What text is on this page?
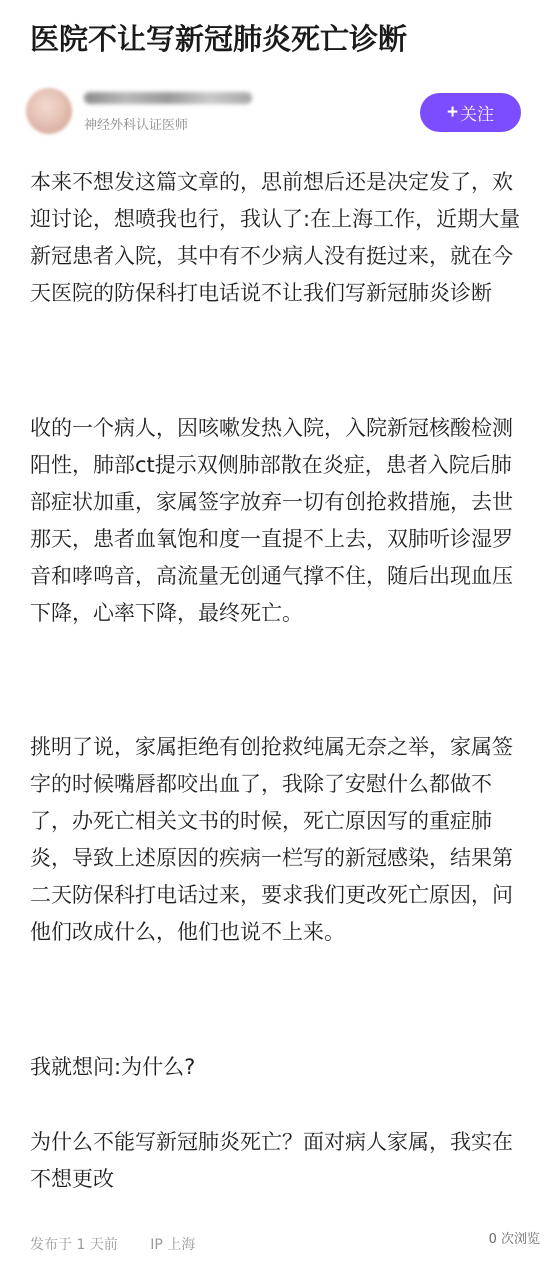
医院不让写新冠肺炎死亡诊断
神经外科认证医师
+ 关注

本来不想发这篇文章的，思前想后还是决定发了，欢迎讨论，想喷我也行，我认了:在上海工作，近期大量新冠患者入院，其中有不少病人没有挺过来，就在今天医院的防保科打电话说不让我们写新冠肺炎诊断

收的一个病人，因咳嗽发热入院，入院新冠核酸检测阳性，肺部ct提示双侧肺部散在炎症，患者入院后肺部症状加重，家属签字放弃一切有创抢救措施，去世那天，患者血氧饱和度一直提不上去，双肺听诊湿罗音和哮鸣音，高流量无创通气撑不住，随后出现血压下降，心率下降，最终死亡。

挑明了说，家属拒绝有创抢救纯属无奈之举，家属签字的时候嘴唇都咬出血了，我除了安慰什么都做不了，办死亡相关文书的时候，死亡原因写的重症肺炎，导致上述原因的疾病一栏写的新冠感染，结果第二天防保科打电话过来，要求我们更改死亡原因，问他们改成什么，他们也说不上来。

我就想问:为什么?

为什么不能写新冠肺炎死亡？面对病人家属，我实在不想更改

发布于 1 天前 IP 上海	0 次浏览
